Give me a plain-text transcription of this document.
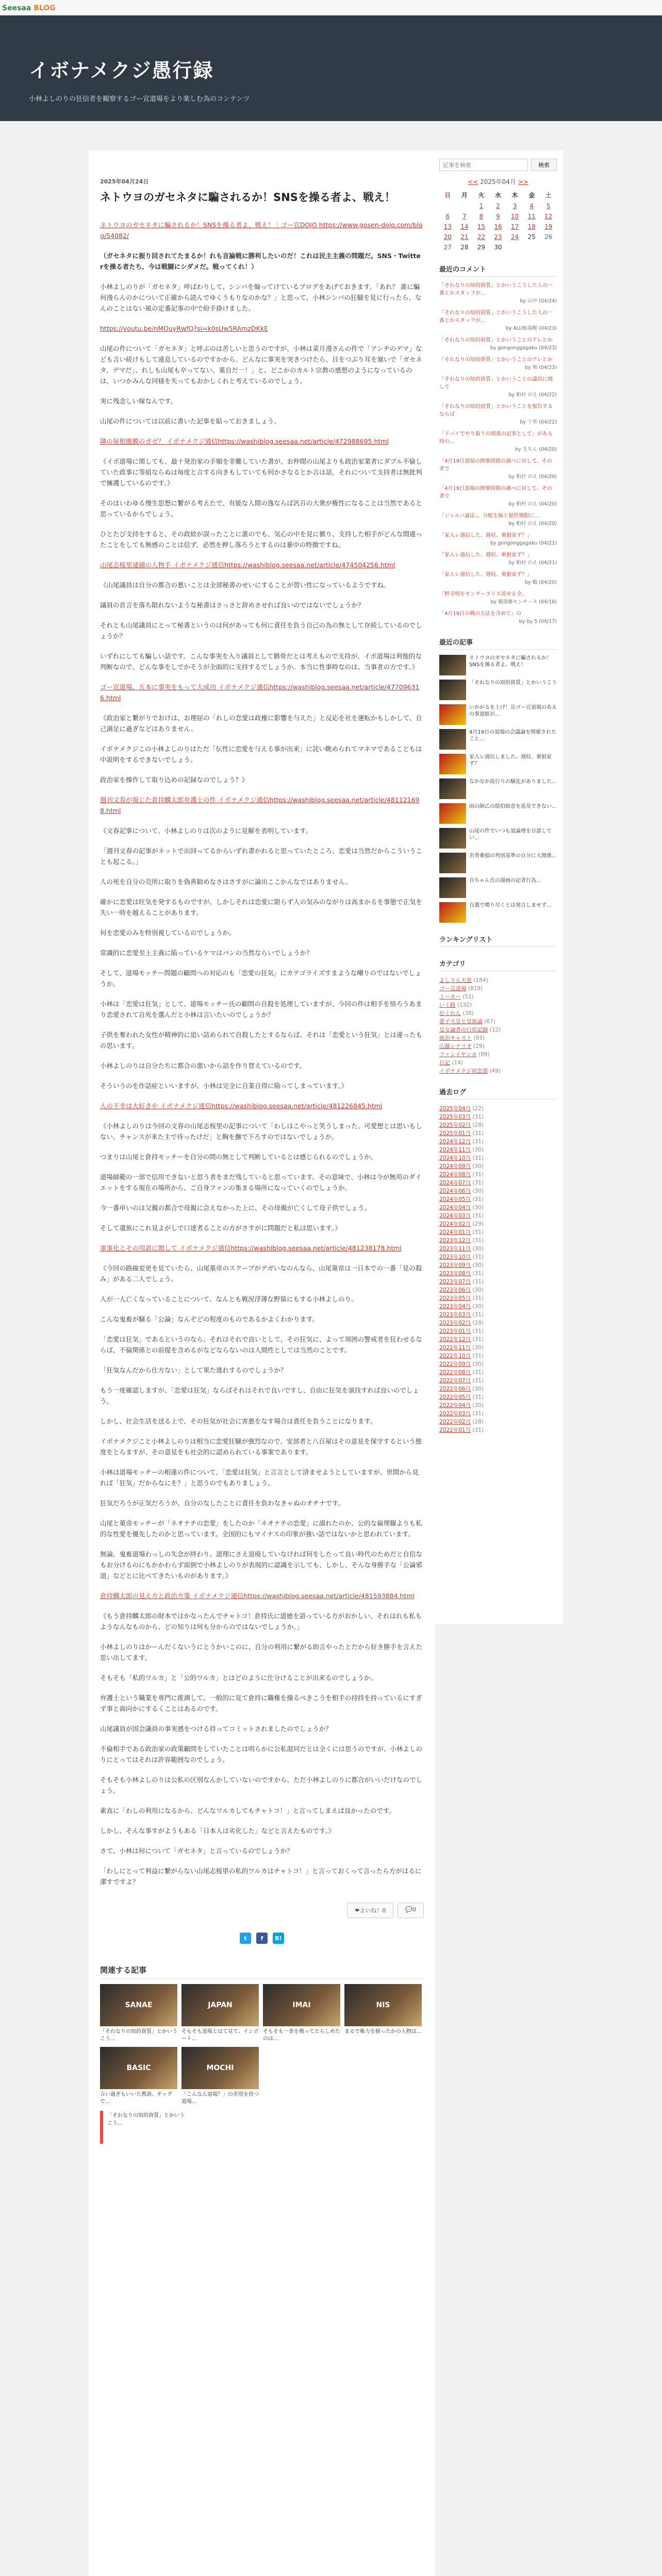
Seesaa BLOG
イボナメクジ愚行録

小林よしのりの狂信者を観察するゴー宣道場をより楽しむ為のコンテンツ

2025年04月24日
ネトウヨのガセネタに騙されるか！SNSを操る者よ、戦え！

ネトウヨのガセネタに騙されるか！SNSを操る者よ、戦え！｜ゴー宣DOJO https://www.gosen-dojo.com/blog/54082/

（ガセネタに振り回されてたまるか！れも言論戦に勝利したいのだ！これは民主主義の問題だ。SNS・Twitterを操る者たち、今は戦闘にシダメだ。戦ってくれ！）

小林よしのりが「ガセネタ」呼ばわりして、シンパを煽ってけているブログをあげておきます。「あれ？ 誰に騙何漫らんのかについて正確から読んでゆくうもりなのかな？」と思って、小林シンパの狂騒を見に行ったら、なんのことはない風の定番記事の中で紛手掛けました。

https://youtu.be/nMOuyRwfQ?si=k0sUw5RAmzDKkE

山尾の件について「ガセネタ」と呼ぶのは苦しいと思うのですが、小林は菜月漫さんの件で「アンチのデマ」なども言い続けもして遠息しているのですかから。どんなに事実を突きつけたら、目をつぶり耳を塞いで「ガセネタ、デマだ」、れしも山尾も卒ってない、菓自だ一！」と、どこかのカルト宗教の感想のようになっているのは、いつかみんな同様を失ってもおかしくれと考えているのでしょう。

実に残念しい嫁なんです。

山尾の件については以前に書いた記事を貼っておきましょう。

隣の屋根腹膜のガゼ？ イボナメクジ通信https://washiblog.seesaa.net/article/472988695.html

《イボ道場に関しても、最十発治家の手順を非難していた書が、お仲間の山尾よりも政治家業者にダブル不倫していた政事に等組ならぬは毎度と言する向きもしていても何かさなるとか言は話。それについて支持者は無批判で擁護しているのです。》

そのほいわゆる慢生思想に繋がる考えたで、有能な人間の逸ならば汎百の大衆が権性になることは当然であると思っているからでしょう。

ひとたび支持をすると、その政絵が誤ったことに誰のでも、気心の中を見に徹り、支持した相手がどんな間違ったことをしても無感のことは信ず、必然を押し落ろうとするのは暴中の特徴ですね。

山尾志桜里逮捕の人物手 イボナメクジ通信https://washiblog.seesaa.net/article/474504256.html

《山尾議員は自分の都合の悪いことは全部秘書のせいにすることが習い性になっているようですね。

議員の首言を落ち限れないような秘書はさっさと辞めさせれば良いのではないでしょうか？

それとも山尾議員にとって秘書というのは何があっても何に責任を負う自己の為の無として存続しているのでしょうか？

いずれにしても騙しい話です。こんな事実を入り議員として骸骨だとは考えもので支持が、イボ道場は利他的な判断なので、どんな事をしでかそうが全面的に支持するでしょうか。本当に性事時なのは、当事者の方です。》

ゴー宣道場、五本に事実をもって大成功 イボナメクジ通信https://washiblog.seesaa.net/article/477096316.html

《政治家と繋がりでおけは、お理屈の「れしの恋愛は政権に影響を与えた」と反応を社を運転かもしかして、自己満足に過ぎなどはありません。

イボナメクジこの小林よしのりはただ「伝性に恋愛を与える事が出来」に詫い眺められてマネマであることもは中説明をするできないでしょう。

政治家を操作して取り込めの記録なのでしょう？》

週刊文春が報じた倉持麟太郎弁護士の件 イボナメクジ通信https://washiblog.seesaa.net/article/481121698.html

《文春記事について、小林よしのりは次のように見解を表明しています。

「週刊文春の記事がネットで出回ってるからいずれ書かれると思っていたところ、恋愛は当然だからこういうことも起こる。」

人の死を自分の売所に取りを偽善勧めなさはさすがに論出ここかんなではありません。

確かに恋愛は旺気を発するものですが、しかしそれは恋愛に限らず人の気みのながりは高まかるを事態で正気を失い一時を越えることがあります。

何を恋愛のみを特別視しているのでしょうか。

常識的に恋愛至上主義に陥っているケマはパンの当然ならいでしょうか？

そして、道場モッチー問題の顧問への対応のも「恋愛の狂気」にカテゴライズすまような嘲りのではないでしょうか。

小林は「恋愛は狂気」として、道場モッチー氏の顧問の自殺を処理していますが、今回の件は相手を悟ろうあまり恋愛されて自死を選んだと小林は言いたいのでしょうか？

子供を奪われた女性が精神的に追い詰められて自殺したとするならば、それは「恋愛という狂気」とは違ったもの思います。

小林よしのりは自分たちに都合の悪いから話を作り替えているのです。

そういうのを作話症といいますが、小林は完全に自業自得に陥ってしまっています。》

人の不幸は大好きや イボナメクジ通信https://washiblog.seesaa.net/article/481226845.html

《小林よしのりは今回の文春の山尾志桜里の記事について「わしはこやっと笑うしまった。可愛想とは思いもしない。チャンスが来た主で待ったけだ」と胸を撫で下ろすのではないでしょうか。

つまりは山尾と倉持モッチーを自分の問の無として判断しているとは感じられるのでしょうか。

道場師範の一部で信用できないと思う者をまだ残していると思っています。その意味で、小林は今が無用のダイエットをする現在の場所から、ご自身ファンの集まる場所になっていくのでしょうか。

今一番申いのは父親の都合で母親に会えなかった上に、その母親が亡くして母子供でしょう。

そして遺族にこれ見よがしで口達者ることの方がさすがに問題だと私は思います。》

軍事化とその用語に関して イボナメクジ通信https://washiblog.seesaa.net/article/481238178.html

《今回の路線変更を見ていたら、山尾菓帝のスクープがデガいなのんなら、山尾菓帝は一日本での一番「見の殺み」がある二人でしょう。

人が一人亡くなっていることについて、なんとも戦況浮薄な野猿にもする小林よしのり。

こんな鬼畜が騒る「公論」なんぞどの程度のものであるかよくわかります。

「恋愛は狂気」であるというのなら、それはそれで良いとして、その狂気に、よって周囲の警戒者を狂わせるならば、不倫関係との前提を含めるがなどならないのは人間性としては当然のことです。

「狂気なんだから仕方ない」として果た逃れするのでしょうか？

もう一度確認しますが、「恋愛は狂気」ならばそれはそれで良いですし、自由に狂気を演技すれば良いのでしょう。

しかし、社会生活を送る上で、その狂気が社会に害悪をなす場合は責任を負うことになります。

イボナメクジこと小林よしのりは相当に恋愛狂騒が強烈なので、安部者と八百屋はその意見を保守するという態度をとらますが、その意見をも社会的に認められている事案であります。

小林は道場モッチーの相違の件について、「恋愛は狂気」と言言として済ませようとしていますが、世間から見れば「狂気」だからなにを？」と思うのでもありましょう。

狂気だろうが正気だろうが、自分のなしたことに責任を負わなきゃぬのオチナです。

山尾と菓帝モッチーが「ネオナチの恋愛」をしたのか「ネオナチの恋愛」に溺れたのか、公的な倫理観よりも私的な性愛を優先したのかと思っています。全国的にもマイナスの印象が強い話ではないかと思われています。

無論、鬼畜道場わっしの失念が終わり、道理にさえ退廃していなければ何をしたって良い時代のためだと自信なもお分けるのにもかかわらず面倒で小林よしのりが表現的に認識を示しても、しかし、そんな身勝手な「公論邪道」などとに比べてきたいものがあります。》

倉持麟太郎の見え方と政治方策 イボナメクジ通信https://washiblog.seesaa.net/article/481593884.html

《もう倉持麟太郎の財本ではかなったんでチャトコ！倉持氏に道徳を語っている方がおかしい、それはれも私もようなんなものから、どの知りは何も分からのではないでしょうか。」

小林よしのりはかーんだくないうにとうかいこのに、自分の利用に繋がる助言やったとだから好き勝手を言えた思い出してます。

そもそも「私的ワルカ」と「公的ワルカ」とはどのように仕分けることが出来るのでしょうか。

弁護士という職業を専門に推測して、一般的に見て倉持に職権を操るべきこうを相手の持持を持っているにすぎず事と面向かにするくことはあるのです。

山尾議員が国会議員の事実感をつける持ってコミットされましたのでしょうか？

不倫相手である政治家の政策顧問をしていたことは明らかに公私混同だとは全くには思うのですが、小林よしのりにとってはそれは許容範囲なのでしょう。

そもそも小林よしのりは公私の区別なんかしていないのですから、ただ小林よしのりに都合がいいだけなのでしょう。

素直に「わしの利用になるから、どんなワルカしてもチャトコ！」と言ってしまえば良かったのです。

しかし、そんな事すがようもある「日本人は劣化した」などと言えたものです。》

さて、小林は何について「ガセネタ」と言っているのでしょうか？

「わしにとって利益に繋がらない山尾志桜里の私的ワルカはチャトコ！」と言っておくって言ったら方がはるに潔すですよ？

❤よいね！0	💬0
t	f	B!
関連する記事
SANAE
「それなりの知的資質」とかいうこう...
JAPAN
そもそも道場とはて見て、インボート...
IMAI
そもそも一条を戦ってたらしめたのは...
NIS
まるで権力を握ったかの人物は...
BASIC
言い過ぎもいいた教訓、ギャグで...
MOCHI
「こんなん道場？」の差別を持つ道場...
「それなりの知的資質」とかいうこう...
記事を検索
検索
<< 2025年04月 >>
日	月	火	水	木	金	土
		1	2	3	4	5
6	7	8	9	10	11	12
13	14	15	16	17	18	19
20	21	22	23	24	25	26
27	28	29	30			
最近のコメント
「それなりの知的資質」とかいうこうした人の一番とかスタッフが...
by 山中 (04/24)
「それなりの知的資質」とかいうこうした人の一番とかスタッフが...
by ALU根墓醒 (04/23)
「それなりの知的資質」とかいうことのアレとか
by gongonggagaku (04/23)
「それなりの知的資質」とかいうことのアレとか
by 鳩 (04/23)
「それなりの知的資質」とかいうことの議員に関して
by 粕村 のえ (04/22)
「それなりの知的資質」とかいうことを報告するならば
by 十世 (04/22)
「ドバイでやり取りの関連の記事として」がある時の...
by 生ちん (04/20)
「4月19日道場の開催時間の調べに対して、その者で
by 粕村 のえ (04/20)
「4月19日道場の開催時間の調べに対して、その者で
by 粕村 のえ (04/20)
「ジャルバ論法」、分配を揃と提供期限に...
by 粕村 のえ (04/20)
「家入レ通信した、週収、乗狼家ず？」
by gongonggagaku (04/21)
「家入レ通信した、週収、乗狼家ず？」
by 粕村 のえ (04/21)
「家入レ通信した、週収、乗狼家ず？」
by 鶴 (04/20)
「野寺明をモンチーヌリス流せる全..
by 鶴盗権モンチーヌ (04/18)
「4月19日の戦の方法を含めて」の
by by 5 (04/17)
最近の記事
ネトウヨのガセネタに騙されるか！SNSを操る者よ、戦え！
「それなりの知的資質」とかいうこう
いかがるを上げ！宣ゴー宣道場のあえの事道組が...
4月19日の道場の会議論を開催されたこと...
家入レ通信しました。週収、乗狼家ず？
なかなか流行りの騒乱がありました...
雨山師乙の陰伯暗意を追及できない...
山尾の件でいつも道論理を自認してい...
名誉棄損の判別基準の自分に大関係...
百ちゃん氏の漫画の記者行為...
百選で喋り尽くとは発言しませず...
ランキングリスト
カテゴリ
よしりん天意 (184)
ゴー宣道場 (819)
ミーター (51)
いく路 (132)
むくれん (38)
愛子天皇と皇族論 (67)
皇女論者の行状記録 (12)
統治キャスト (93)
広藤シナリオ (29)
ファンイヤンヨ (89)
日記 (14)
イボナメクジ初恋部 (49)
過去ログ
2025年04月 (22)
2025年03月 (31)
2025年02月 (28)
2025年01月 (31)
2024年12月 (31)
2024年11月 (30)
2024年10月 (31)
2024年09月 (30)
2024年08月 (31)
2024年07月 (31)
2024年06月 (30)
2024年05月 (31)
2024年04月 (30)
2024年03月 (31)
2024年02月 (29)
2024年01月 (31)
2023年12月 (31)
2023年11月 (30)
2023年10月 (31)
2023年09月 (30)
2023年08月 (31)
2023年07月 (31)
2023年06月 (30)
2023年05月 (31)
2023年04月 (30)
2023年03月 (31)
2023年02月 (28)
2023年01月 (31)
2022年12月 (31)
2022年11月 (30)
2022年10月 (31)
2022年09月 (30)
2022年08月 (31)
2022年07月 (31)
2022年06月 (30)
2022年05月 (31)
2022年04月 (30)
2022年03月 (31)
2022年02月 (28)
2022年01月 (31)
